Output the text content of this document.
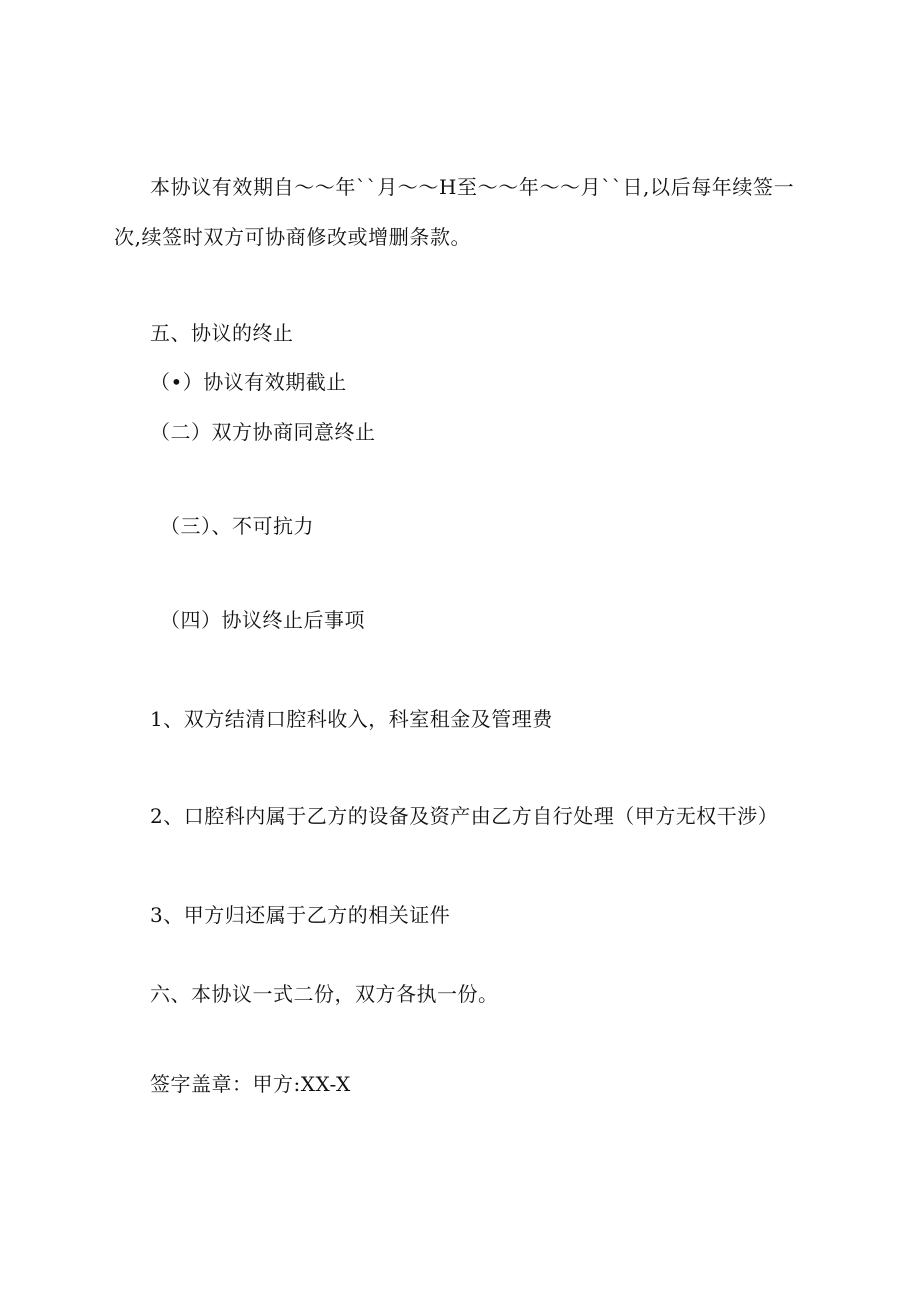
本协议有效期自～～年``月～～H至～～年～～月``日,以后每年续签一次,续签时双方可协商修改或增删条款。
五、协议的终止
（•）协议有效期截止
（二）双方协商同意终止
（三）、不可抗力
（四）协议终止后事项
1、双方结清口腔科收入，科室租金及管理费
2、口腔科内属于乙方的设备及资产由乙方自行处理（甲方无权干涉）
3、甲方归还属于乙方的相关证件
六、本协议一式二份，双方各执一份。
签字盖章：甲方:XX-X
